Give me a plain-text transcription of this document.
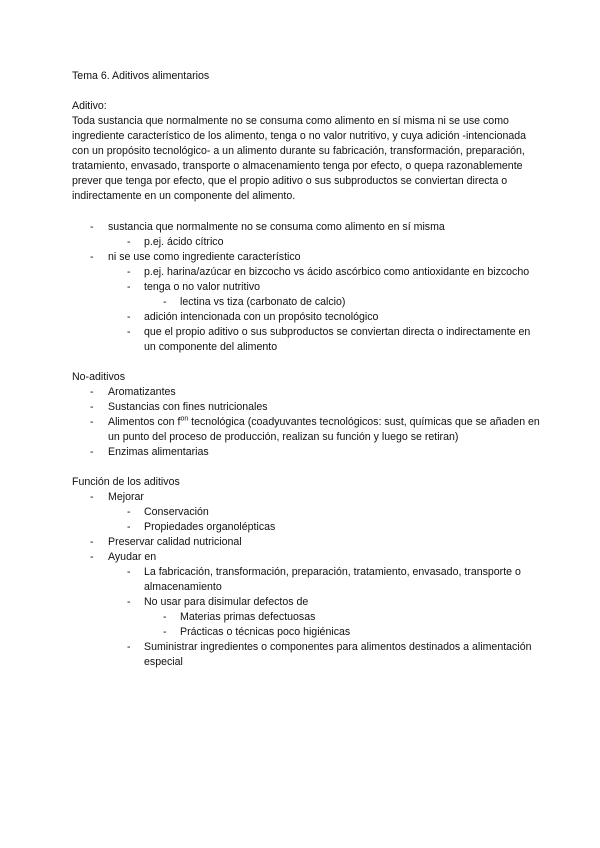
Tema 6. Aditivos alimentarios

Aditivo:

Toda sustancia que normalmente no se consuma como alimento en sí misma ni se use como ingrediente característico de los alimento, tenga o no valor nutritivo, y cuya adición -intencionada con un propósito tecnológico- a un alimento durante su fabricación, transformación, preparación, tratamiento, envasado, transporte o almacenamiento tenga por efecto, o quepa razonablemente prever que tenga por efecto, que el propio aditivo o sus subproductos se conviertan directa o indirectamente en un componente del alimento.

- sustancia que normalmente no se consuma como alimento en sí misma
- p.ej. ácido cítrico
- ni se use como ingrediente característico
- p.ej. harina/azúcar en bizcocho vs ácido ascórbico como antioxidante en bizcocho
- tenga o no valor nutritivo
- lectina vs tiza (carbonato de calcio)
- adición intencionada con un propósito tecnológico
- que el propio aditivo o sus subproductos se conviertan directa o indirectamente en un componente del alimento

No-aditivos

- Aromatizantes
- Sustancias con fines nutricionales
- Alimentos con $f^{on}$ tecnológica (coadyuvantes tecnológicos: sust, químicas que se añaden en un punto del proceso de producción, realizan su función y luego se retiran)
- Enzimas alimentarias

Función de los aditivos

- Mejorar
- Conservación
- Propiedades organolépticas
- Preservar calidad nutricional
- Ayudar en
- La fabricación, transformación, preparación, tratamiento, envasado, transporte o almacenamiento
- No usar para disimular defectos de
- Materias primas defectuosas
- Prácticas o técnicas poco higiénicas
- Suministrar ingredientes o componentes para alimentos destinados a alimentación especial
